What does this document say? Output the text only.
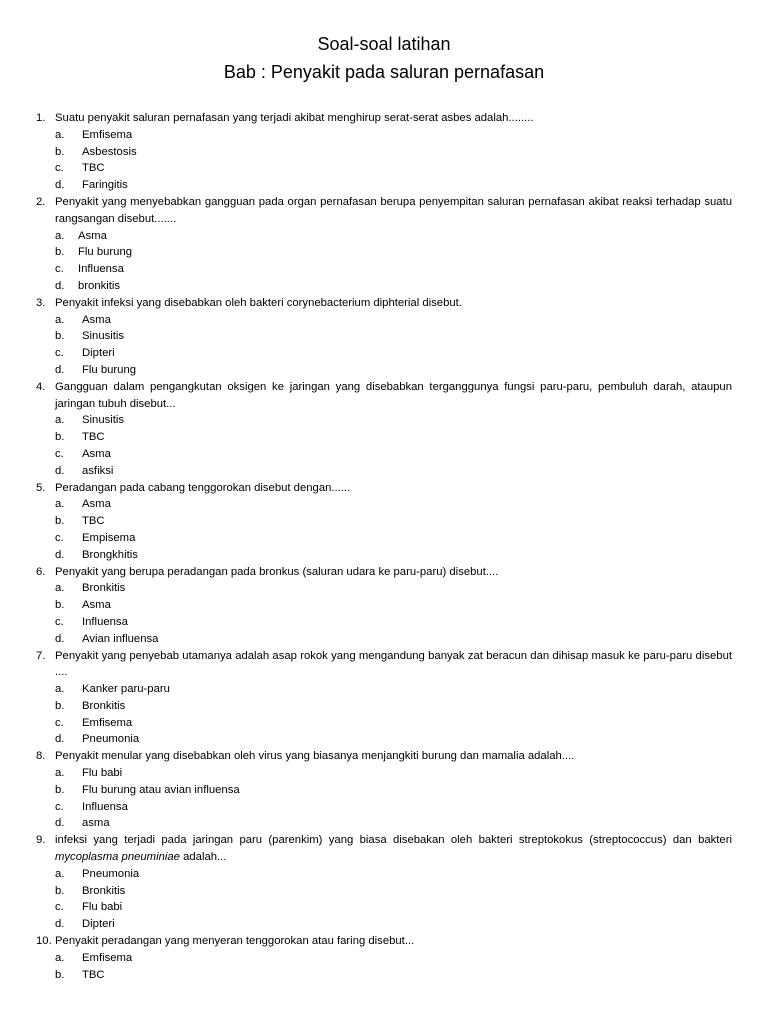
Soal-soal latihan
Bab : Penyakit pada saluran pernafasan
1. Suatu penyakit saluran pernafasan yang terjadi akibat menghirup serat-serat asbes adalah........
a.	Emfisema
b.	Asbestosis
c.	TBC
d.	Faringitis
2. Penyakit yang menyebabkan gangguan pada organ pernafasan berupa penyempitan saluran pernafasan akibat reaksi terhadap suatu rangsangan disebut.......
a.	Asma
b.	Flu burung
c.	Influensa
d.	bronkitis
3. Penyakit infeksi yang disebabkan oleh bakteri corynebacterium diphterial disebut.
a.	Asma
b.	Sinusitis
c.	Dipteri
d.	Flu burung
4. Gangguan dalam pengangkutan oksigen ke jaringan yang disebabkan terganggunya fungsi paru-paru, pembuluh darah, ataupun jaringan tubuh disebut...
a.	Sinusitis
b.	TBC
c.	Asma
d.	asfiksi
5. Peradangan pada cabang tenggorokan disebut dengan......
a.	Asma
b.	TBC
c.	Empisema
d.	Brongkhitis
6. Penyakit yang berupa peradangan pada bronkus (saluran udara ke paru-paru) disebut....
a.	Bronkitis
b.	Asma
c.	Influensa
d.	Avian influensa
7. Penyakit yang penyebab utamanya adalah asap rokok yang mengandung banyak zat beracun dan dihisap masuk ke paru-paru disebut ....
a.	Kanker paru-paru
b.	Bronkitis
c.	Emfisema
d.	Pneumonia
8. Penyakit menular yang disebabkan oleh virus yang biasanya menjangkiti burung dan mamalia adalah....
a.	Flu babi
b.	Flu burung atau avian influensa
c.	Influensa
d.	asma
9. infeksi yang terjadi pada jaringan paru (parenkim) yang biasa disebakan oleh bakteri streptokokus (streptococcus) dan bakteri mycoplasma pneuminiae adalah...
a.	Pneumonia
b.	Bronkitis
c.	Flu babi
d.	Dipteri
10. Penyakit peradangan yang menyeran tenggorokan atau faring disebut...
a.	Emfisema
b.	TBC
